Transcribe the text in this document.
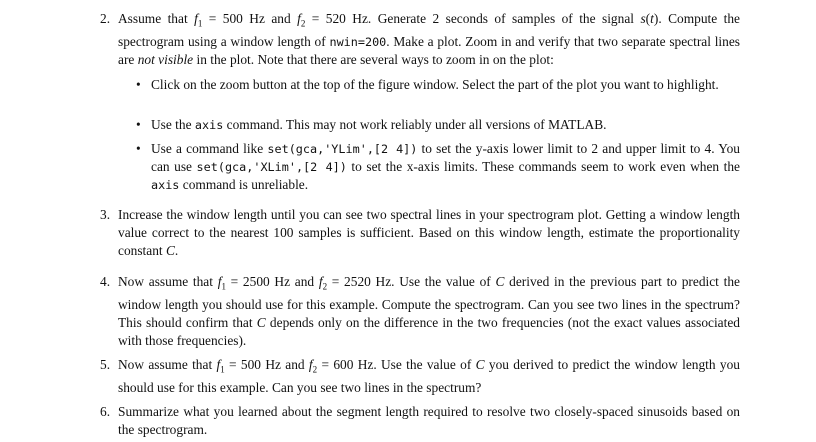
2. Assume that $f_1 = 500$ Hz and $f_2 = 520$ Hz. Generate 2 seconds of samples of the signal s(t). Compute the spectrogram using a window length of nwin=200. Make a plot. Zoom in and verify that two separate spectral lines are not visible in the plot. Note that there are several ways to zoom in on the plot:
• Click on the zoom button at the top of the figure window. Select the part of the plot you want to highlight.
• Use the axis command. This may not work reliably under all versions of MATLAB.
• Use a command like set(gca,'YLim',[2 4]) to set the y-axis lower limit to 2 and upper limit to 4. You can use set(gca,'XLim',[2 4]) to set the x-axis limits. These commands seem to work even when the axis command is unreliable.
3. Increase the window length until you can see two spectral lines in your spectrogram plot. Getting a window length value correct to the nearest 100 samples is sufficient. Based on this window length, estimate the proportionality constant C.
4. Now assume that $f_1 = 2500$ Hz and $f_2 = 2520$ Hz. Use the value of C derived in the previous part to predict the window length you should use for this example. Compute the spectrogram. Can you see two lines in the spectrum? This should confirm that C depends only on the difference in the two frequencies (not the exact values associated with those frequencies).
5. Now assume that $f_1 = 500$ Hz and $f_2 = 600$ Hz. Use the value of C you derived to predict the window length you should use for this example. Can you see two lines in the spectrum?
6. Summarize what you learned about the segment length required to resolve two closely-spaced sinusoids based on the spectrogram.
